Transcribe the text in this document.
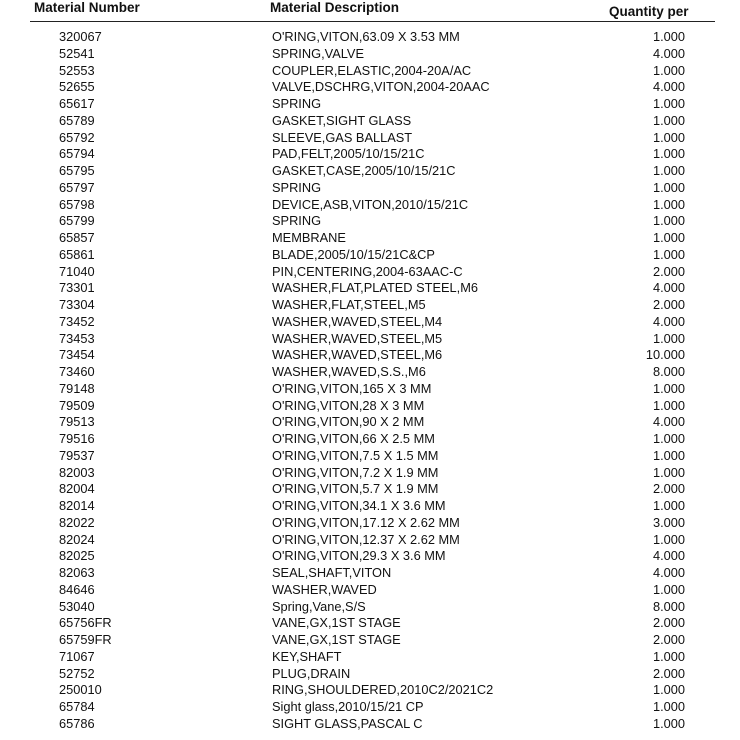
Material Number	Material Description	Quantity per
320067	O'RING,VITON,63.09 X 3.53 MM	1.000
52541	SPRING,VALVE	4.000
52553	COUPLER,ELASTIC,2004-20A/AC	1.000
52655	VALVE,DSCHRG,VITON,2004-20AAC	4.000
65617	SPRING	1.000
65789	GASKET,SIGHT GLASS	1.000
65792	SLEEVE,GAS BALLAST	1.000
65794	PAD,FELT,2005/10/15/21C	1.000
65795	GASKET,CASE,2005/10/15/21C	1.000
65797	SPRING	1.000
65798	DEVICE,ASB,VITON,2010/15/21C	1.000
65799	SPRING	1.000
65857	MEMBRANE	1.000
65861	BLADE,2005/10/15/21C&CP	1.000
71040	PIN,CENTERING,2004-63AAC-C	2.000
73301	WASHER,FLAT,PLATED STEEL,M6	4.000
73304	WASHER,FLAT,STEEL,M5	2.000
73452	WASHER,WAVED,STEEL,M4	4.000
73453	WASHER,WAVED,STEEL,M5	1.000
73454	WASHER,WAVED,STEEL,M6	10.000
73460	WASHER,WAVED,S.S.,M6	8.000
79148	O'RING,VITON,165 X 3 MM	1.000
79509	O'RING,VITON,28 X 3 MM	1.000
79513	O'RING,VITON,90 X 2 MM	4.000
79516	O'RING,VITON,66 X 2.5 MM	1.000
79537	O'RING,VITON,7.5 X 1.5 MM	1.000
82003	O'RING,VITON,7.2 X 1.9 MM	1.000
82004	O'RING,VITON,5.7 X 1.9 MM	2.000
82014	O'RING,VITON,34.1 X 3.6 MM	1.000
82022	O'RING,VITON,17.12 X 2.62 MM	3.000
82024	O'RING,VITON,12.37 X 2.62 MM	1.000
82025	O'RING,VITON,29.3 X 3.6 MM	4.000
82063	SEAL,SHAFT,VITON	4.000
84646	WASHER,WAVED	1.000
53040	Spring,Vane,S/S	8.000
65756FR	VANE,GX,1ST STAGE	2.000
65759FR	VANE,GX,1ST STAGE	2.000
71067	KEY,SHAFT	1.000
52752	PLUG,DRAIN	2.000
250010	RING,SHOULDERED,2010C2/2021C2	1.000
65784	Sight glass,2010/15/21 CP	1.000
65786	SIGHT GLASS,PASCAL C	1.000
